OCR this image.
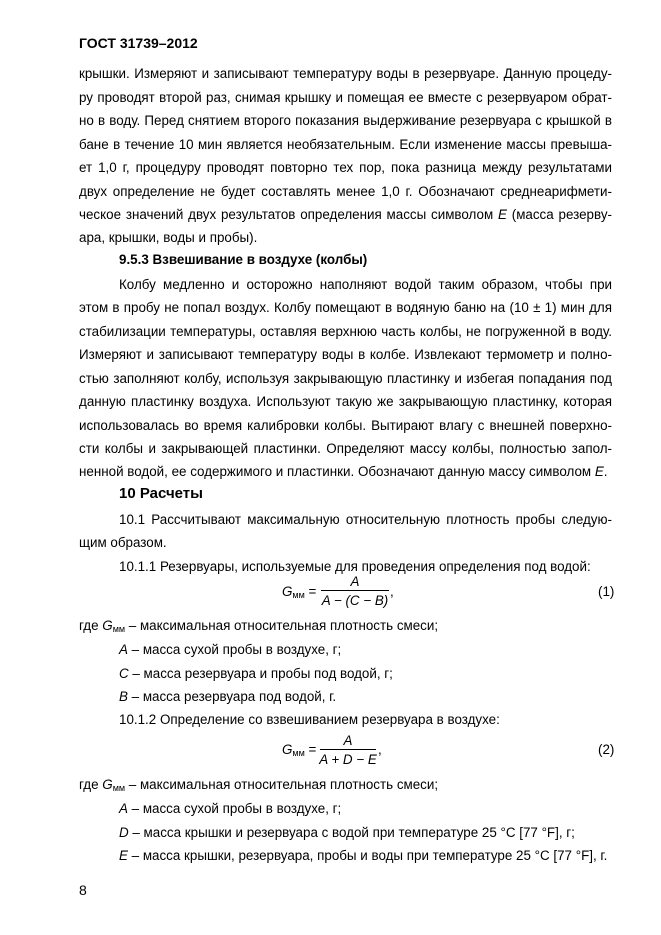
ГОСТ 31739–2012
крышки. Измеряют и записывают температуру воды в резервуаре. Данную процеду-
ру проводят второй раз, снимая крышку и помещая ее вместе с резервуаром обрат-
но в воду. Перед снятием второго показания выдерживание резервуара с крышкой в
бане в течение 10 мин является необязательным. Если изменение массы превыша-
ет 1,0 г, процедуру проводят повторно тех пор, пока разница между результатами
двух определение не будет составлять менее 1,0 г. Обозначают среднеарифмети-
ческое значений двух результатов определения массы символом E (масса резерву-
ара, крышки, воды и пробы).
9.5.3 Взвешивание в воздухе (колбы)
Колбу медленно и осторожно наполняют водой таким образом, чтобы при
этом в пробу не попал воздух. Колбу помещают в водяную баню на (10 ± 1) мин для
стабилизации температуры, оставляя верхнюю часть колбы, не погруженной в воду.
Измеряют и записывают температуру воды в колбе. Извлекают термометр и полно-
стью заполняют колбу, используя закрывающую пластинку и избегая попадания под
данную пластинку воздуха. Используют такую же закрывающую пластинку, которая
использовалась во время калибровки колбы. Вытирают влагу с внешней поверхно-
сти колбы и закрывающей пластинки. Определяют массу колбы, полностью запол-
ненной водой, ее содержимого и пластинки. Обозначают данную массу символом E.
10 Расчеты
10.1 Рассчитывают максимальную относительную плотность пробы следую-
щим образом.
10.1.1 Резервуары, используемые для проведения определения под водой:
Gмм =
A
A − (C − B)
,	(1)
где Gмм – максимальная относительная плотность смеси;
A – масса сухой пробы в воздухе, г;
C – масса резервуара и пробы под водой, г;
B – масса резервуара под водой, г.
10.1.2 Определение со взвешиванием резервуара в воздухе:
Gмм =
A
A + D − E
,	(2)
где Gмм – максимальная относительная плотность смеси;
A – масса сухой пробы в воздухе, г;
D – масса крышки и резервуара с водой при температуре 25 °С [77 °F], г;
E – масса крышки, резервуара, пробы и воды при температуре 25 °С [77 °F], г.
8
